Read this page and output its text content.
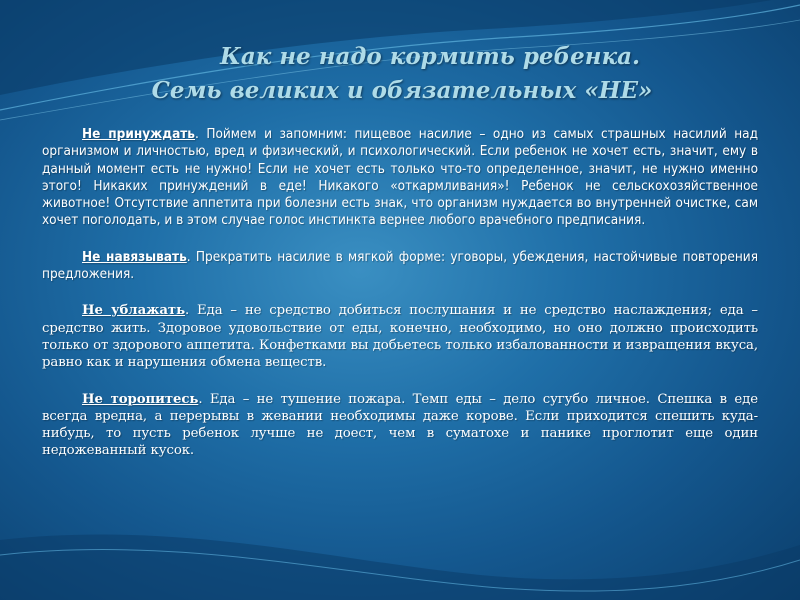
Как не надо кормить ребенка.
Семь великих и обязательных «НЕ»

Не принуждать. Поймем и запомним: пищевое насилие – одно из самых страшных насилий над организмом и личностью, вред и физический, и психологический. Если ребенок не хочет есть, значит, ему в данный момент есть не нужно! Если не хочет есть только что-то определенное, значит, не нужно именно этого! Никаких принуждений в еде! Никакого «откармливания»! Ребенок не сельскохозяйственное животное! Отсутствие аппетита при болезни есть знак, что организм нуждается во внутренней очистке, сам хочет поголодать, и в этом случае голос инстинкта вернее любого врачебного предписания.

Не навязывать. Прекратить насилие в мягкой форме: уговоры, убеждения, настойчивые повторения предложения.

Не ублажать. Еда – не средство добиться послушания и не средство наслаждения; еда – средство жить. Здоровое удовольствие от еды, конечно, необходимо, но оно должно происходить только от здорового аппетита. Конфетками вы добьетесь только избалованности и извращения вкуса, равно как и нарушения обмена веществ.

Не торопитесь. Еда – не тушение пожара. Темп еды – дело сугубо личное. Спешка в еде всегда вредна, а перерывы в жевании необходимы даже корове. Если приходится спешить куда-нибудь, то пусть ребенок лучше не доест, чем в суматохе и панике проглотит еще один недожеванный кусок.
